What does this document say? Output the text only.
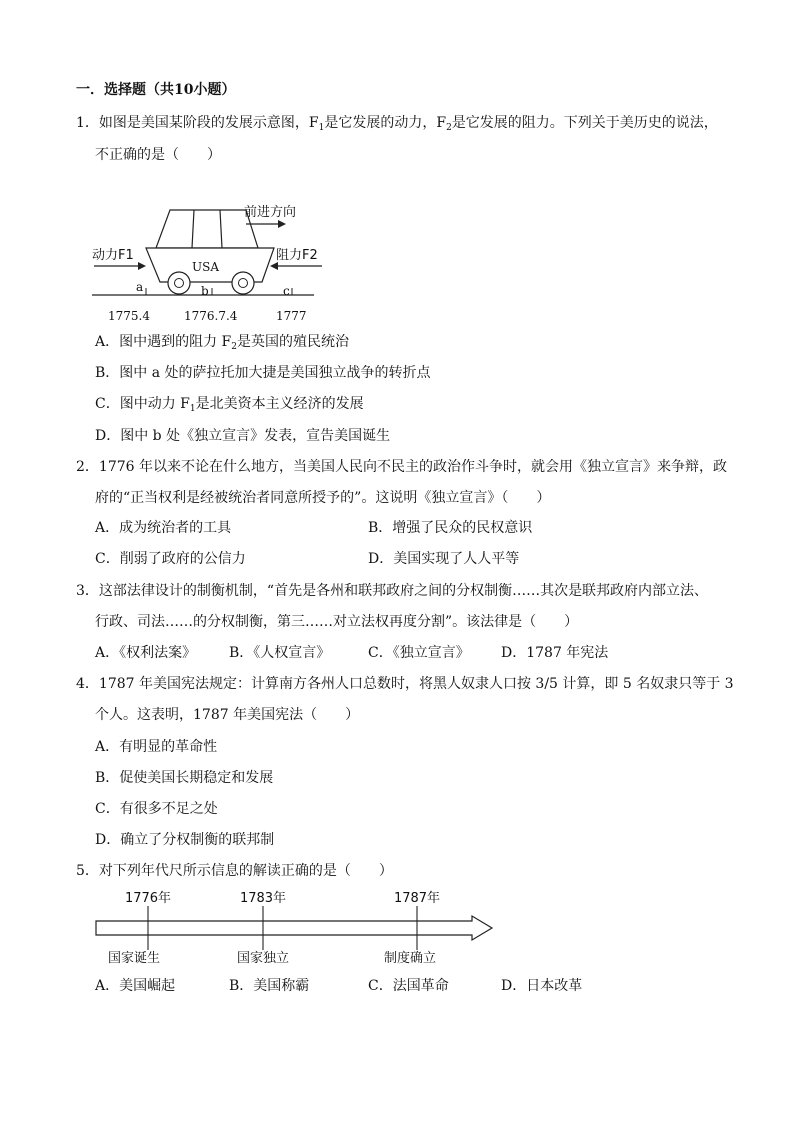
一．选择题（共10小题）
1．如图是美国某阶段的发展示意图，$F_1$是它发展的动力，$F_2$是它发展的阻力。下列关于美历史的说法，
不正确的是（　　）
前进方向
动力F1	阻力F2
USA
a	b	c
1775.4	1776.7.4	1777
A．图中遇到的阻力 $F_2$是英国的殖民统治
B．图中 a 处的萨拉托加大捷是美国独立战争的转折点
C．图中动力 $F_1$是北美资本主义经济的发展
D．图中 b 处《独立宣言》发表，宣告美国诞生
2．1776 年以来不论在什么地方，当美国人民向不民主的政治作斗争时，就会用《独立宣言》来争辩，政
府的“正当权利是经被统治者同意所授予的”。这说明《独立宣言》（　　）
A．成为统治者的工具	B．增强了民众的民权意识
C．削弱了政府的公信力	D．美国实现了人人平等
3．这部法律设计的制衡机制，“首先是各州和联邦政府之间的分权制衡……其次是联邦政府内部立法、
行政、司法……的分权制衡，第三……对立法权再度分割”。该法律是（　　）
A．《权利法案》 B．《人权宣言》	C．《独立宣言》 D．1787 年宪法
4．1787 年美国宪法规定：计算南方各州人口总数时，将黑人奴隶人口按 3/5 计算，即 5 名奴隶只等于 3
个人。这表明，1787 年美国宪法（　　）
A．有明显的革命性
B．促使美国长期稳定和发展
C．有很多不足之处
D．确立了分权制衡的联邦制
5．对下列年代尺所示信息的解读正确的是（　　）
1776年	1783年	1787年
国家诞生	国家独立	制度确立
A．美国崛起	B．美国称霸	C．法国革命	D．日本改革
